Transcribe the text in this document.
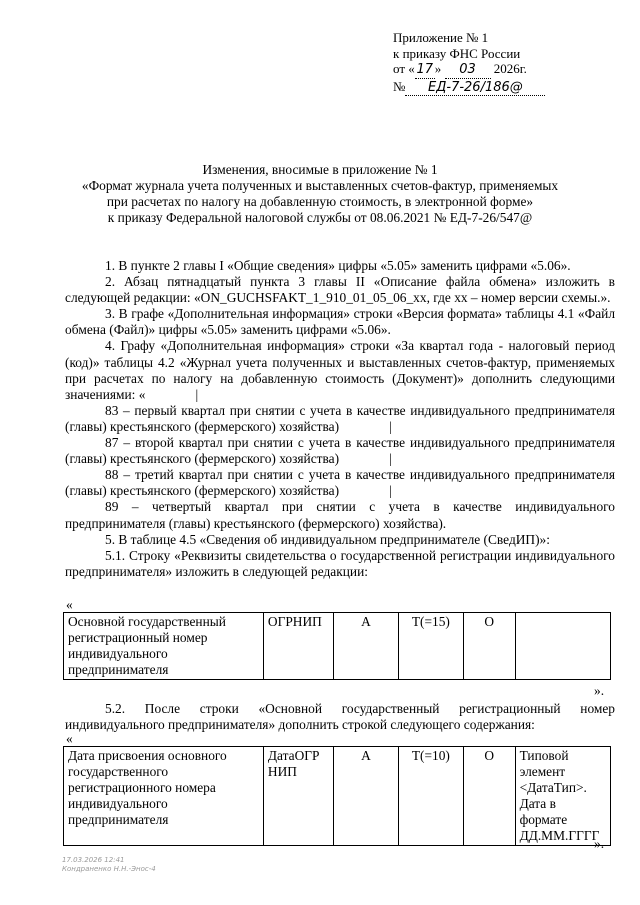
Приложение № 1
к приказу ФНС России
от « 17 » 03 2026г.
№ ЕД-7-26/186@
Изменения, вносимые в приложение № 1
«Формат журнала учета полученных и выставленных счетов-фактур, применяемых
при расчетах по налогу на добавленную стоимость, в электронной форме»
к приказу Федеральной налоговой службы от 08.06.2021 № ЕД-7-26/547@

1. В пункте 2 главы I «Общие сведения» цифры «5.05» заменить цифрами «5.06».

2. Абзац пятнадцатый пункта 3 главы II «Описание файла обмена» изложить в следующей редакции: «ON_GUCHSFAKT_1_910_01_05_06_xx, где xx – номер версии схемы.».

3. В графе «Дополнительная информация» строки «Версия формата» таблицы 4.1 «Файл обмена (Файл)» цифры «5.05» заменить цифрами «5.06».

4. Графу «Дополнительная информация» строки «За квартал года - налоговый период (код)» таблицы 4.2 «Журнал учета полученных и выставленных счетов-фактур, применяемых при расчетах по налогу на добавленную стоимость (Документ)» дополнить следующими значениями: «	|

83 – первый квартал при снятии с учета в качестве индивидуального предпринимателя (главы) крестьянского (фермерского) хозяйства)	|

87 – второй квартал при снятии с учета в качестве индивидуального предпринимателя (главы) крестьянского (фермерского) хозяйства)	|

88 – третий квартал при снятии с учета в качестве индивидуального предпринимателя (главы) крестьянского (фермерского) хозяйства)	|

89 – четвертый квартал при снятии с учета в качестве индивидуального предпринимателя (главы) крестьянского (фермерского) хозяйства).

5. В таблице 4.5 «Сведения об индивидуальном предпринимателе (СведИП)»:

5.1. Строку «Реквизиты свидетельства о государственной регистрации индивидуального предпринимателя» изложить в следующей редакции:

«
Основной государственный регистрационный номер индивидуального предпринимателя	ОГРНИП	А	Т(=15)	О	
».

5.2. После строки «Основной государственный регистрационный номер индивидуального предпринимателя» дополнить строкой следующего содержания:

«
Дата присвоения основного государственного регистрационного номера индивидуального предпринимателя	ДатаОГРНИП	А	Т(=10)	О	Типовой элемент <ДатаТип>. Дата в формате ДД.ММ.ГГГГ
».
17.03.2026 12:41
Кондраненко Н.Н.-Энос-4
